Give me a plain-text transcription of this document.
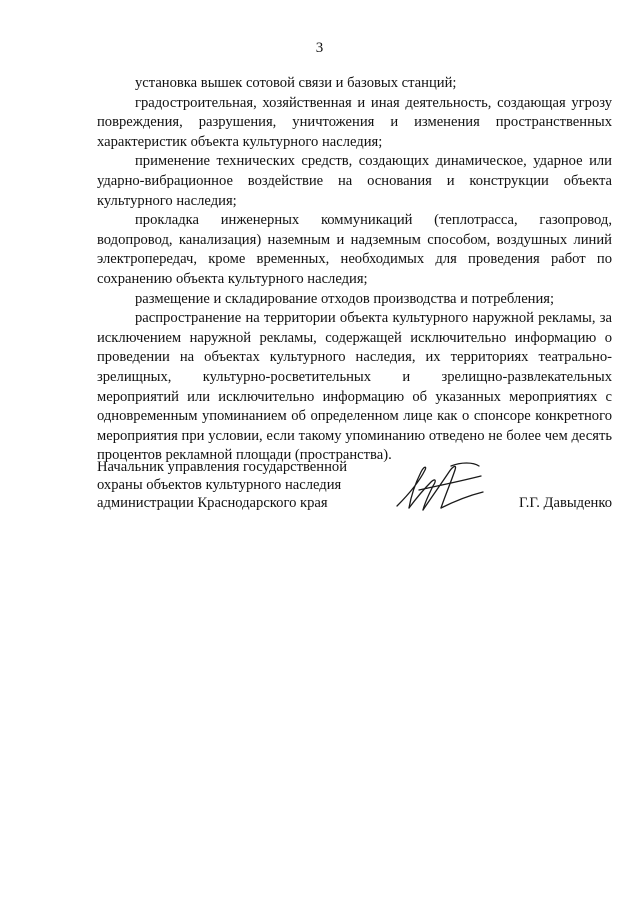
3

установка вышек сотовой связи и базовых станций;

градостроительная, хозяйственная и иная деятельность, создающая угрозу повреждения, разрушения, уничтожения и изменения пространственных характеристик объекта культурного наследия;

применение технических средств, создающих динамическое, ударное или ударно-вибрационное воздействие на основания и конструкции объекта культурного наследия;

прокладка инженерных коммуникаций (теплотрасса, газопровод, водопровод, канализация) наземным и надземным способом, воздушных линий электропередач, кроме временных, необходимых для проведения работ по сохранению объекта культурного наследия;

размещение и складирование отходов производства и потребления;

распространение на территории объекта культурного наружной рекламы, за исключением наружной рекламы, содержащей исключительно информацию о проведении на объектах культурного наследия, их территориях театрально-зрелищных, культурно-росветительных и зрелищно-развлекательных мероприятий или исключительно информацию об указанных мероприятиях с одновременным упоминанием об определенном лице как о спонсоре конкретного мероприятия при условии, если такому упоминанию отведено не более чем десять процентов рекламной площади (пространства).

Начальник управления государственной
охраны объектов культурного наследия
администрации Краснодарского края	Г.Г. Давыденко
